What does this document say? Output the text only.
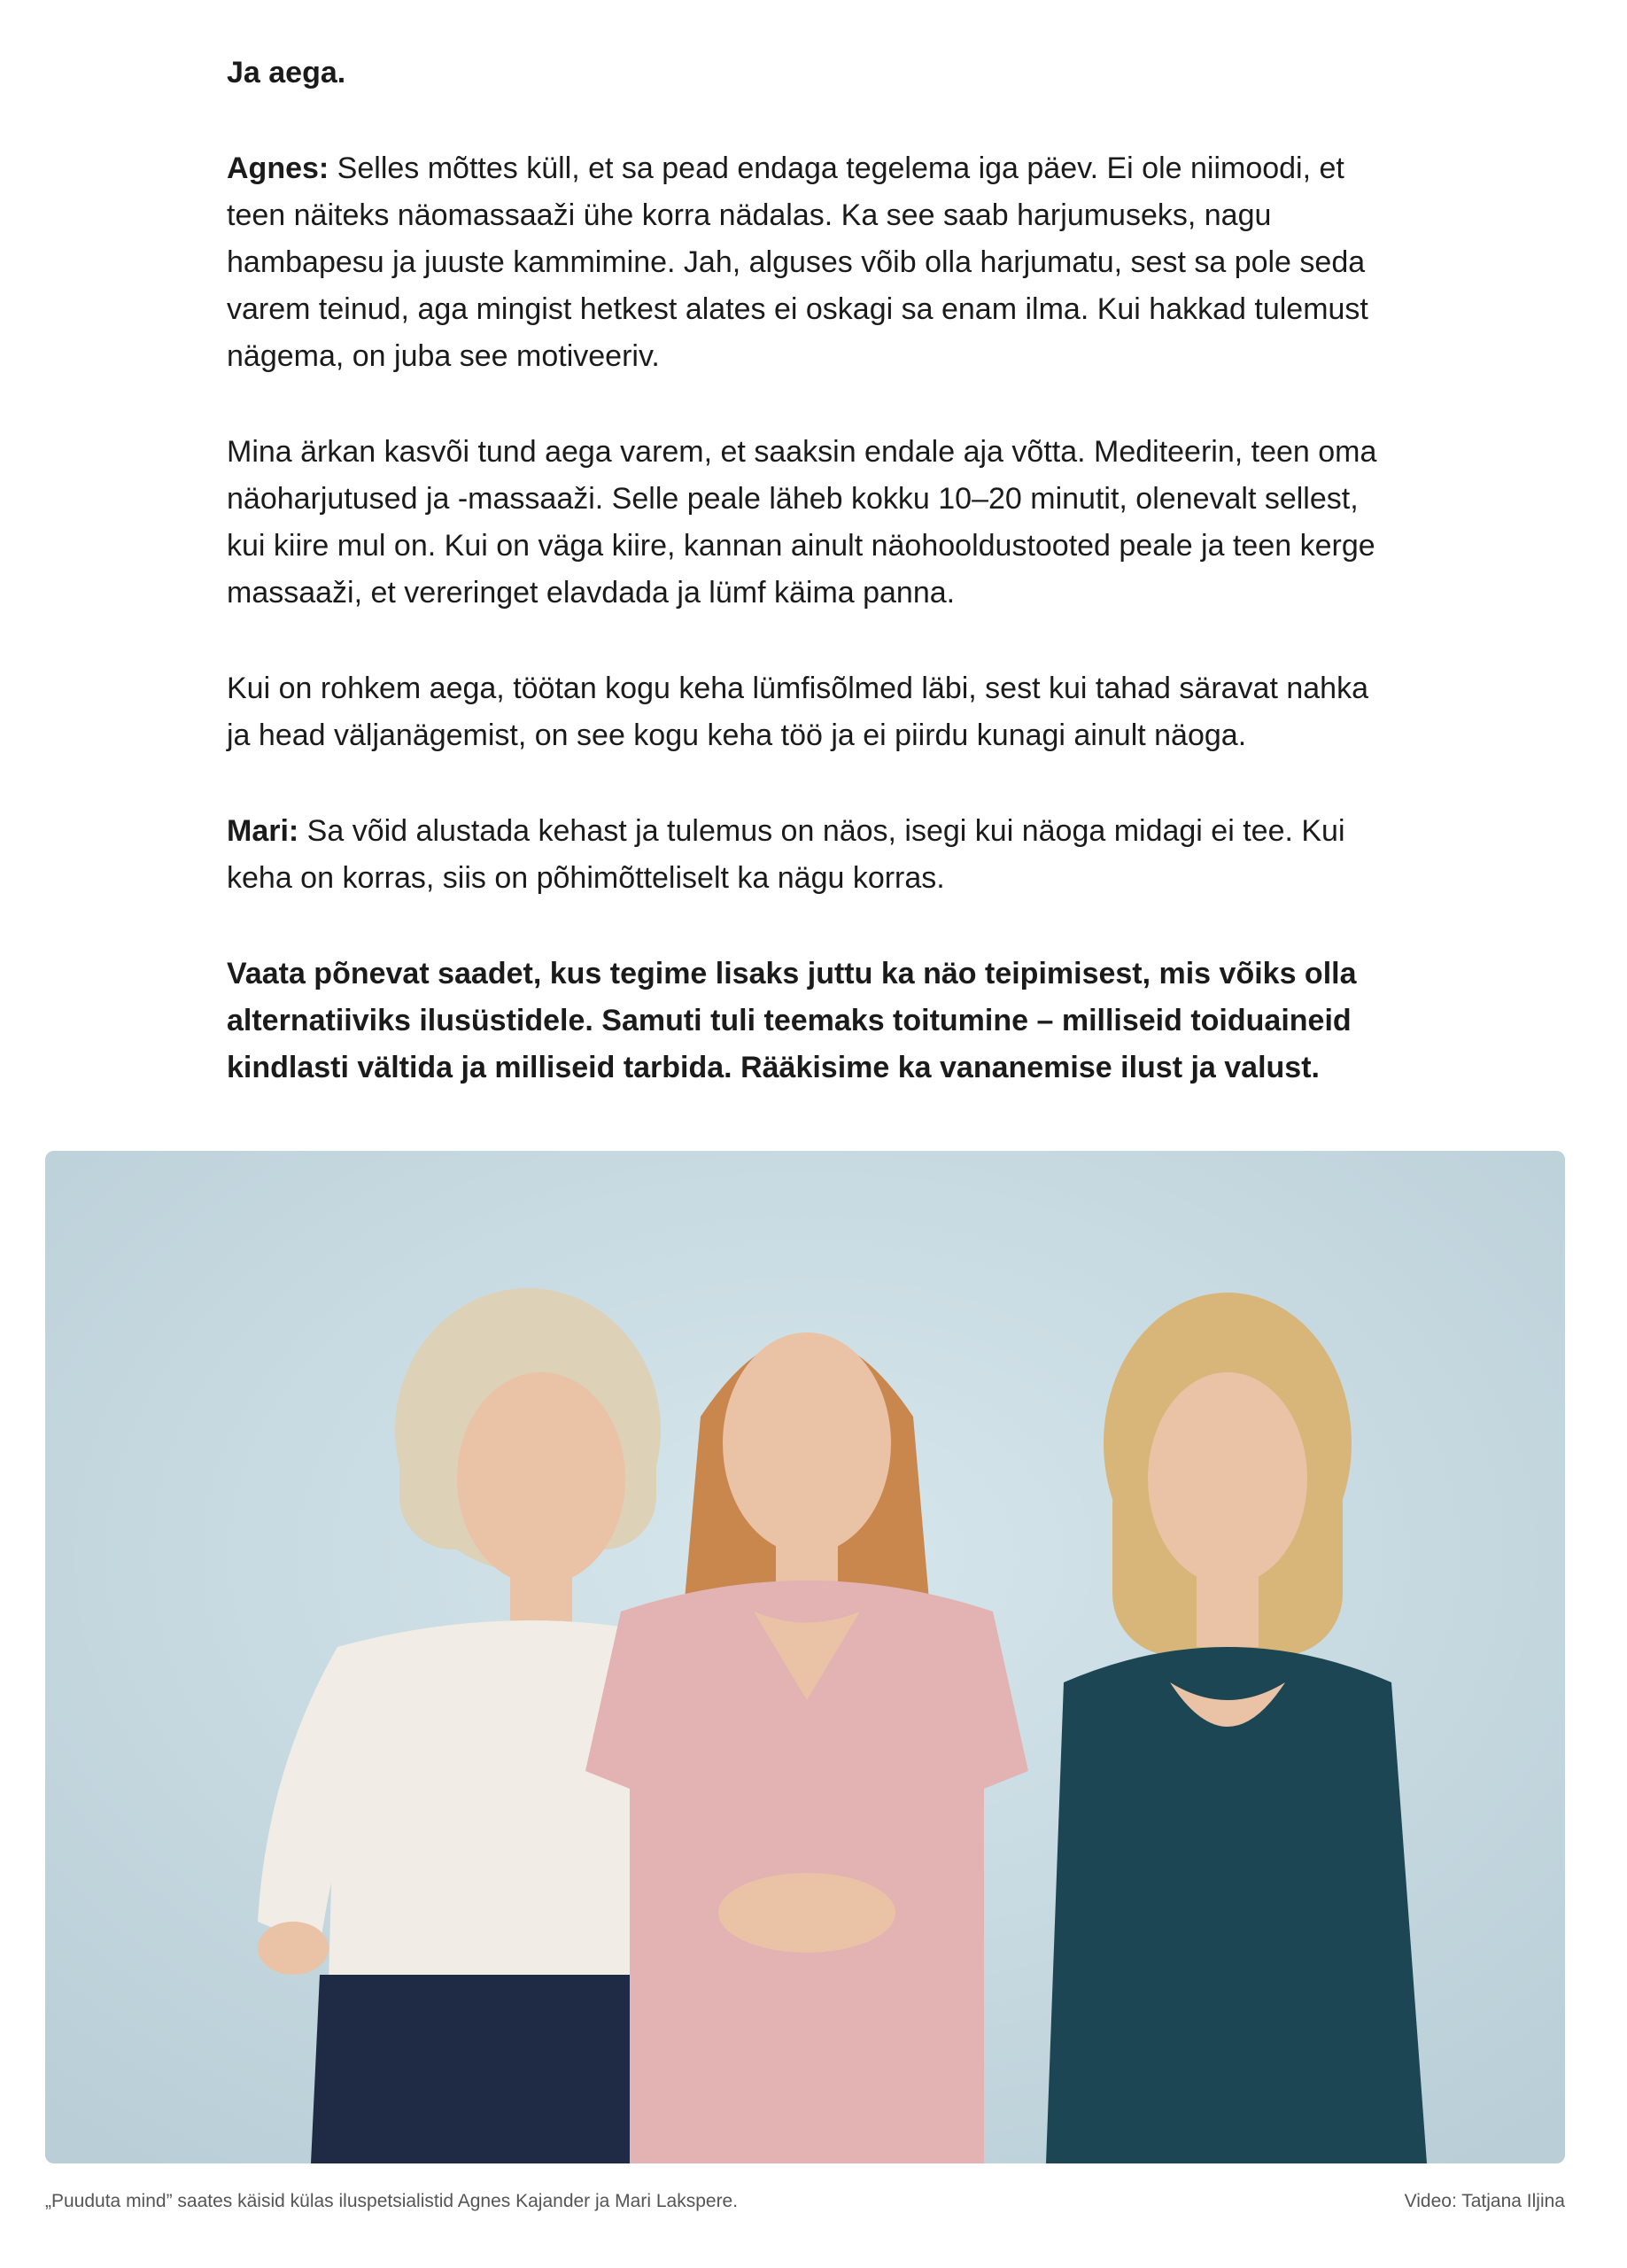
Ja aega.

Agnes: Selles mõttes küll, et sa pead endaga tegelema iga päev. Ei ole niimoodi, et teen näiteks näomassaaži ühe korra nädalas. Ka see saab harjumuseks, nagu hambapesu ja juuste kammimine. Jah, alguses võib olla harjumatu, sest sa pole seda varem teinud, aga mingist hetkest alates ei oskagi sa enam ilma. Kui hakkad tulemust nägema, on juba see motiveeriv.

Mina ärkan kasvõi tund aega varem, et saaksin endale aja võtta. Mediteerin, teen oma näoharjutused ja -massaaži. Selle peale läheb kokku 10–20 minutit, olenevalt sellest, kui kiire mul on. Kui on väga kiire, kannan ainult näohooldustooted peale ja teen kerge massaaži, et vereringet elavdada ja lümf käima panna.

Kui on rohkem aega, töötan kogu keha lümfisõlmed läbi, sest kui tahad säravat nahka ja head väljanägemist, on see kogu keha töö ja ei piirdu kunagi ainult näoga.

Mari: Sa võid alustada kehast ja tulemus on näos, isegi kui näoga midagi ei tee. Kui keha on korras, siis on põhimõtteliselt ka nägu korras.

Vaata põnevat saadet, kus tegime lisaks juttu ka näo teipimisest, mis võiks olla alternatiiviks ilusüstidele. Samuti tuli teemaks toitumine – milliseid toiduaineid kindlasti vältida ja milliseid tarbida. Rääkisime ka vananemise ilust ja valust.

„Puuduta mind” saates käisid külas iluspetsialistid Agnes Kajander ja Mari Lakspere.	Video: Tatjana Iljina
